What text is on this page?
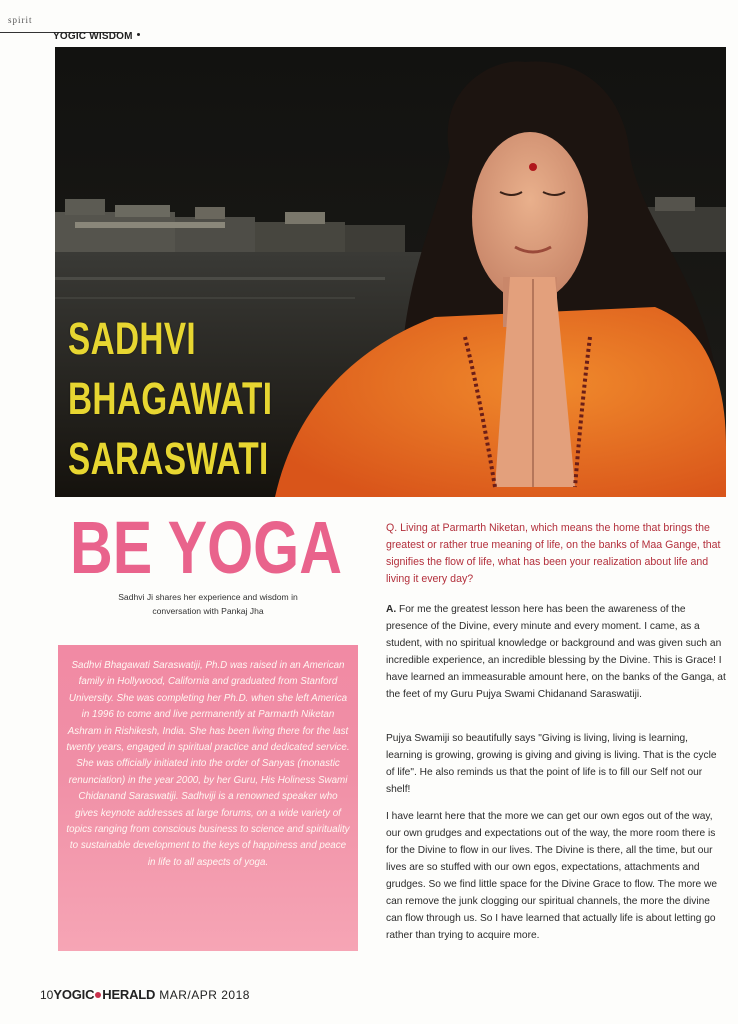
spirit
YOGIC WISDOM
SADHVI
BHAGAWATI
SARASWATI
BE YOGA
Sadhvi Ji shares her experience and wisdom in
conversation with Pankaj Jha
Sadhvi Bhagawati Saraswatiji, Ph.D was raised in an American family in Hollywood, California and graduated from Stanford University. She was completing her Ph.D. when she left America in 1996 to come and live permanently at Parmarth Niketan Ashram in Rishikesh, India. She has been living there for the last twenty years, engaged in spiritual practice and dedicated service. She was officially initiated into the order of Sanyas (monastic renunciation) in the year 2000, by her Guru, His Holiness Swami Chidanand Saraswatiji. Sadhviji is a renowned speaker who gives keynote addresses at large forums, on a wide variety of topics ranging from conscious business to science and spirituality to sustainable development to the keys of happiness and peace in life to all aspects of yoga.
Q. Living at Parmarth Niketan, which means the home that brings the greatest or rather true meaning of life, on the banks of Maa Gange, that signifies the flow of life, what has been your realization about life and living it every day?
A. For me the greatest lesson here has been the awareness of the presence of the Divine, every minute and every moment. I came, as a student, with no spiritual knowledge or background and was given such an incredible experience, an incredible blessing by the Divine. This is Grace! I have learned an immeasurable amount here, on the banks of the Ganga, at the feet of my Guru Pujya Swami Chidanand Saraswatiji.
Pujya Swamiji so beautifully says "Giving is living, living is learning, learning is growing, growing is giving and giving is living. That is the cycle of life". He also reminds us that the point of life is to fill our Self not our shelf!
I have learnt here that the more we can get our own egos out of the way, our own grudges and expectations out of the way, the more room there is for the Divine to flow in our lives. The Divine is there, all the time, but our lives are so stuffed with our own egos, expectations, attachments and grudges. So we find little space for the Divine Grace to flow. The more we can remove the junk clogging our spiritual channels, the more the divine can flow through us. So I have learned that actually life is about letting go rather than trying to acquire more.
10YOGIC HERALD MAR/APR 2018
